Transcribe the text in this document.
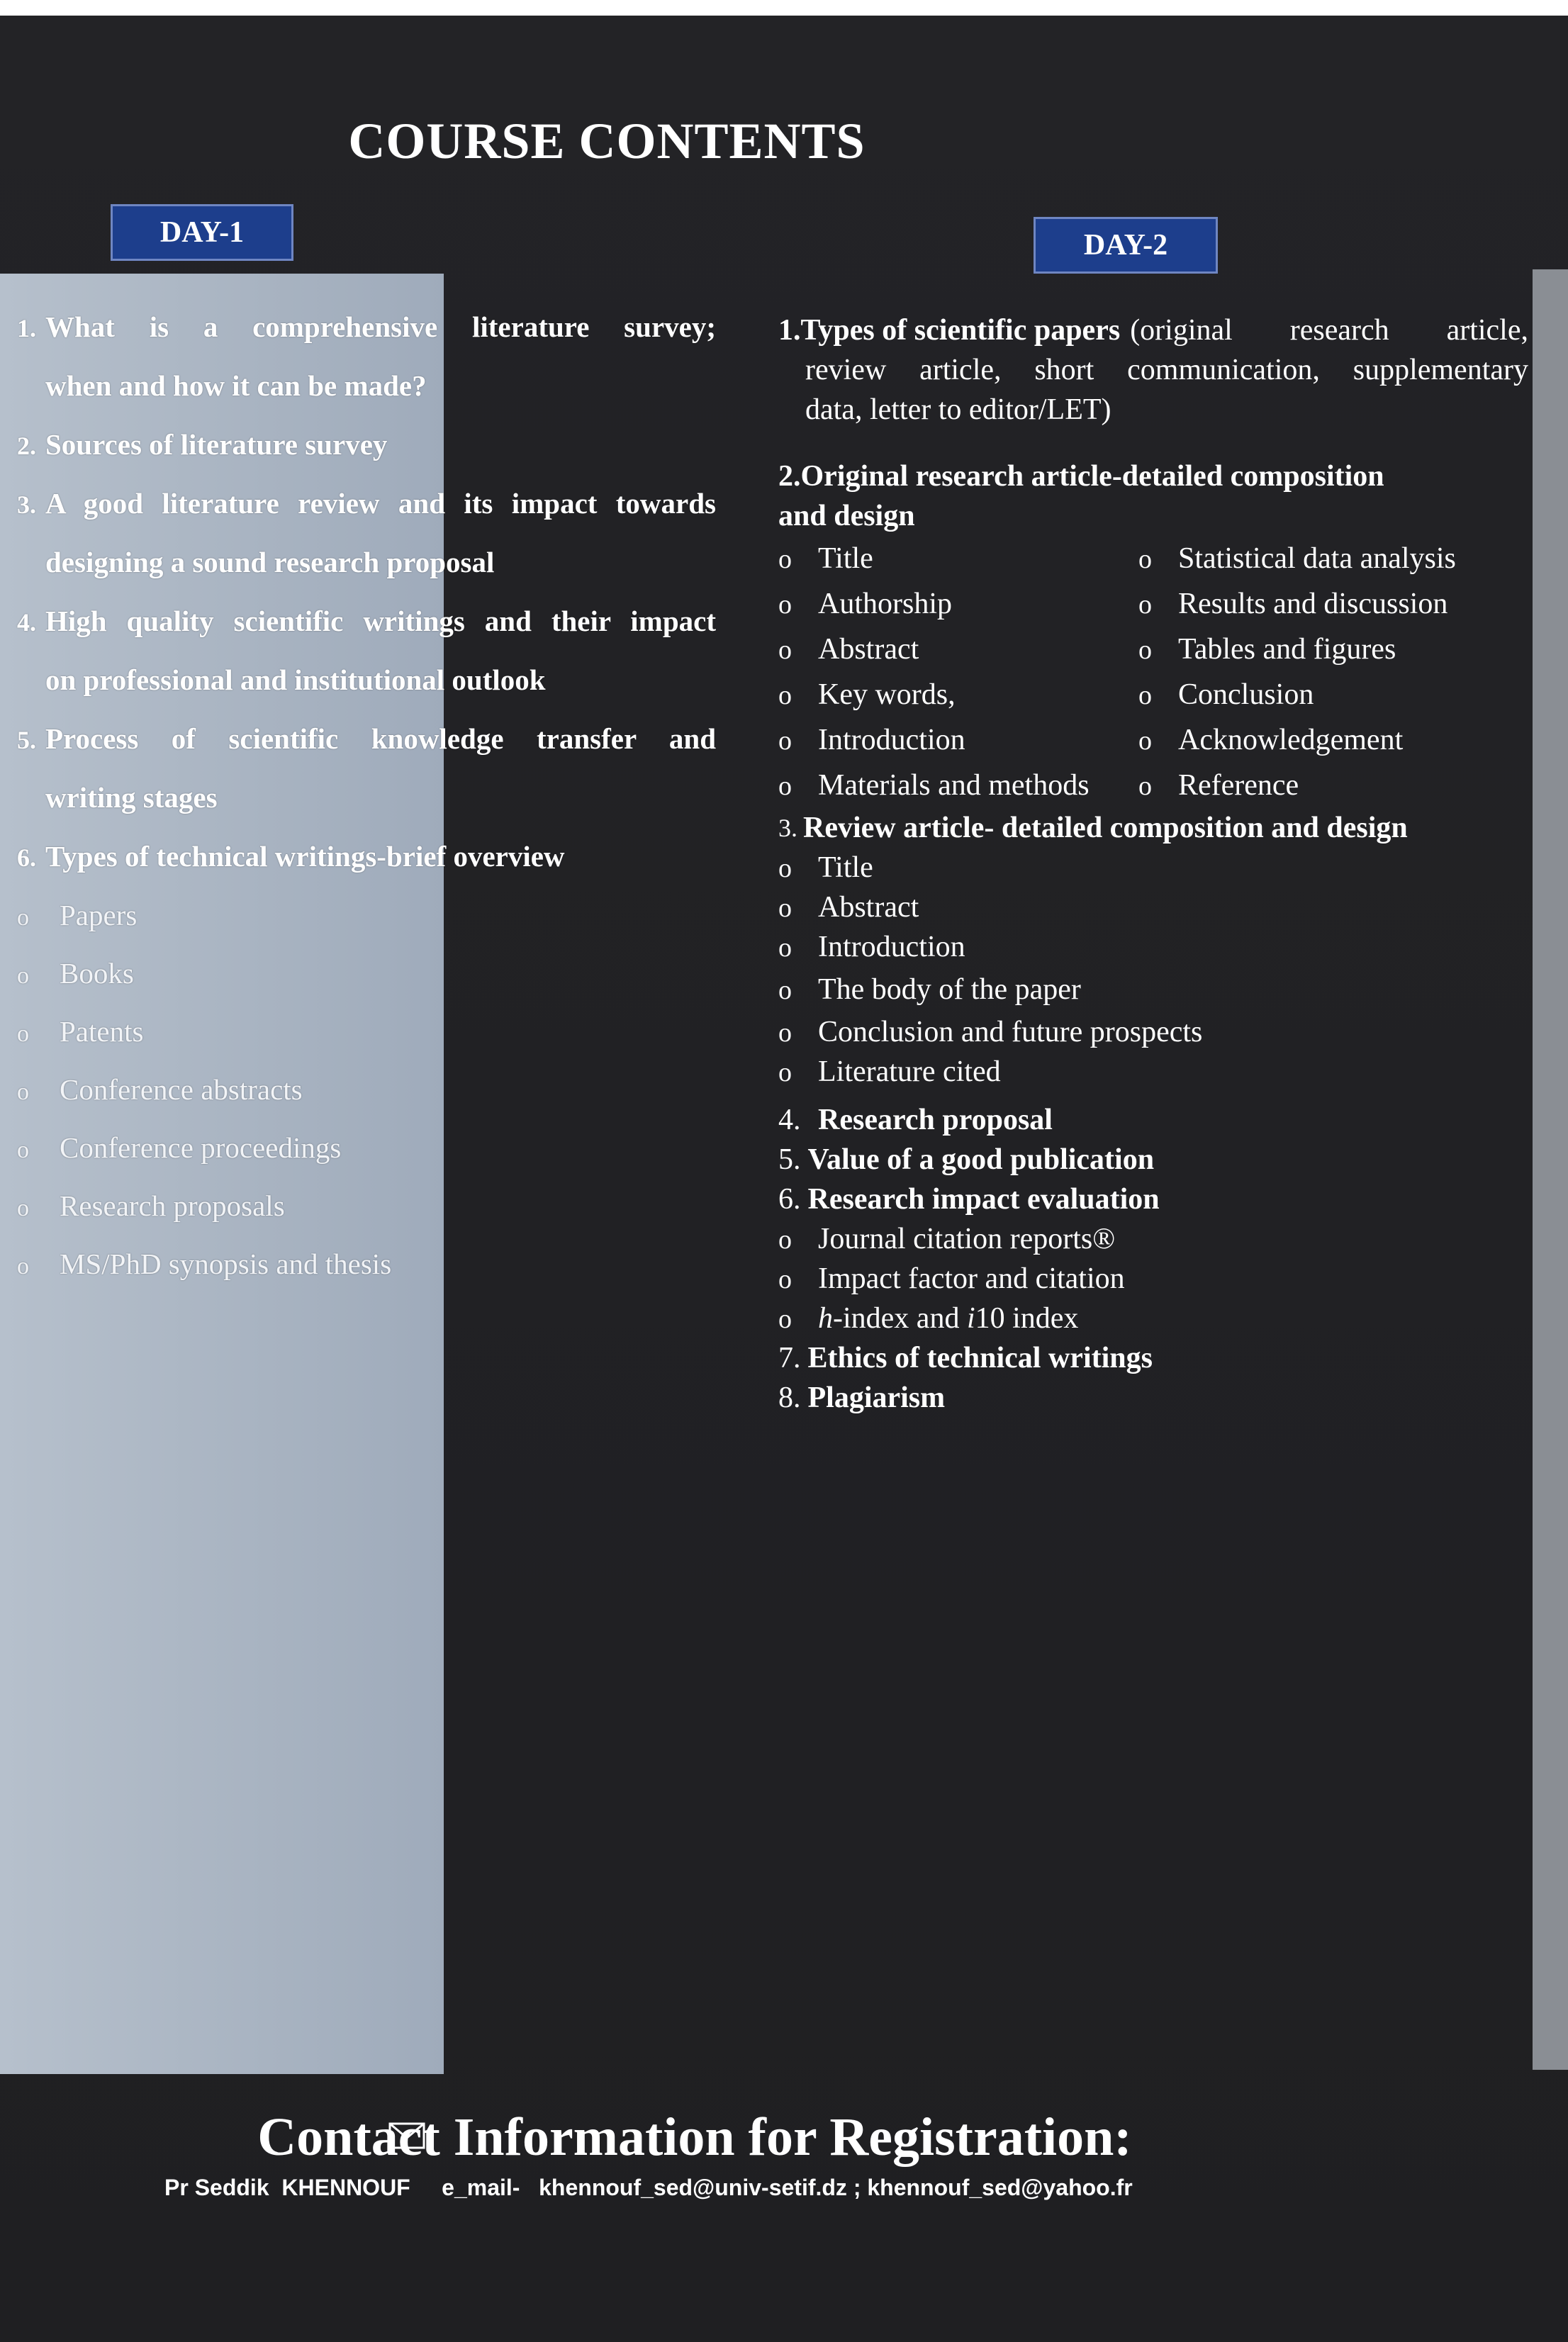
COURSE CONTENTS
DAY-1	DAY-2
1. What is a comprehensive literature survey;
when and how it can be made?
2. Sources of literature survey
3. A good literature review and its impact towards
designing a sound research proposal
4. High quality scientific writings and their impact
on professional and institutional outlook
5. Process of scientific knowledge transfer and
writing stages
6. Types of technical writings-brief overview
o Papers
o Books
o Patents
o Conference abstracts
o Conference proceedings
o Research proposals
o MS/PhD synopsis and thesis
1. Types of scientific papers (original research article,
review article, short communication, supplementary
data, letter to editor/LET)
2. Original research article-detailed composition
and design
o Title
o Authorship
o Abstract
o Key words,
o Introduction
o Materials and methods
o Statistical data analysis
o Results and discussion
o Tables and figures
o Conclusion
o Acknowledgement
o Reference
3. Review article- detailed composition and design
o Title
o Abstract
o Introduction
o The body of the paper
o Conclusion and future prospects
o Literature cited
4. Research proposal
5. Value of a good publication
6. Research impact evaluation
o Journal citation reports®
o Impact factor and citation
o h-index and i10 index
7. Ethics of technical writings
8. Plagiarism
Contact Information for Registration:
Pr Seddik  KHENNOUF     e_mail-   khennouf_sed@univ-setif.dz ; khennouf_sed@yahoo.fr
